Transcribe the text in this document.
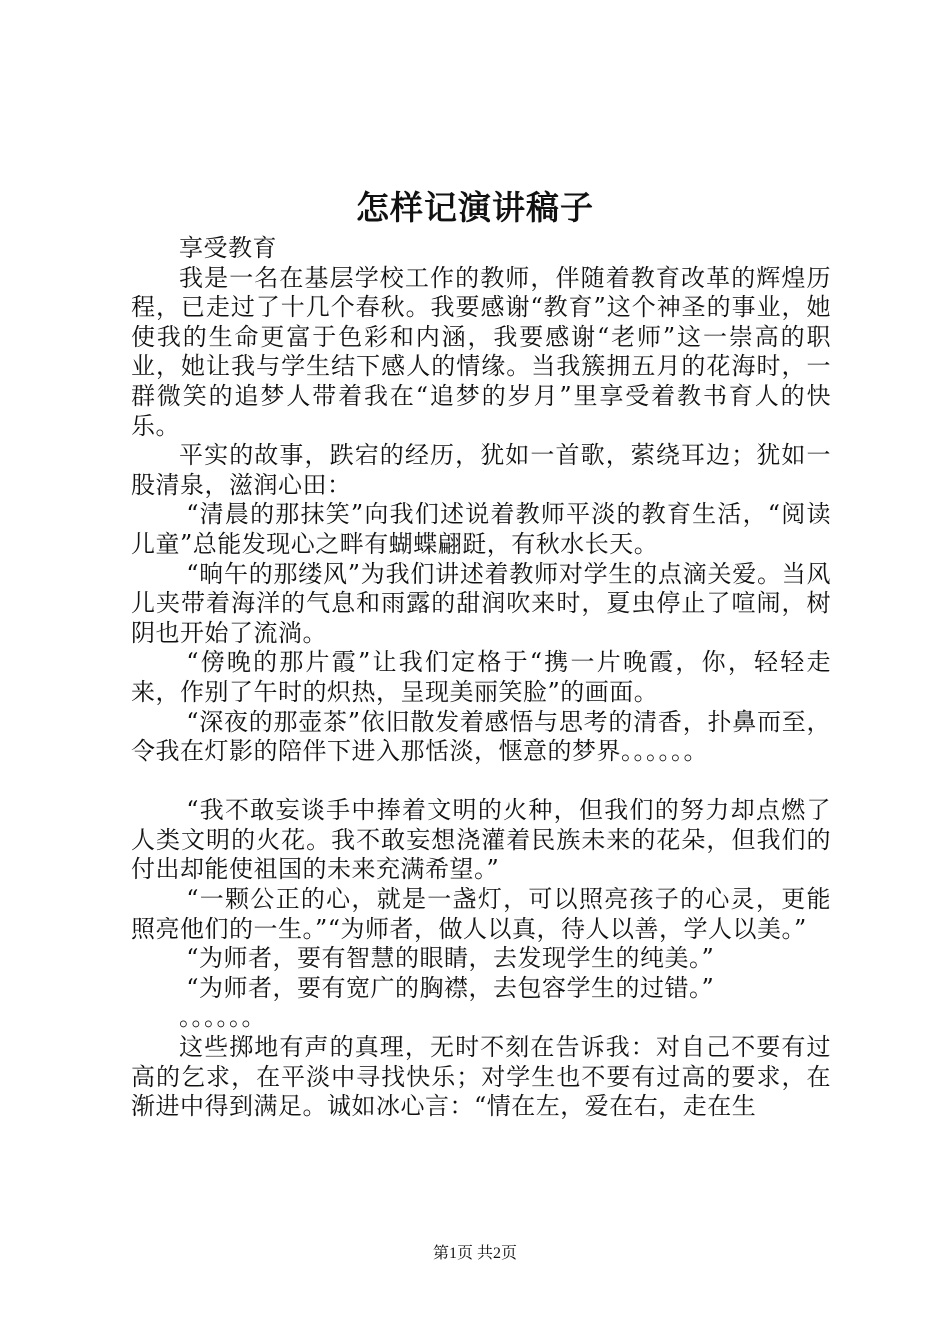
怎样记演讲稿子

享受教育

我是一名在基层学校工作的教师，伴随着教育改革的辉煌历程，已走过了十几个春秋。我要感谢“教育”这个神圣的事业，她使我的生命更富于色彩和内涵，我要感谢“老师”这一崇高的职业，她让我与学生结下感人的情缘。当我簇拥五月的花海时，一群微笑的追梦人带着我在“追梦的岁月”里享受着教书育人的快乐。

平实的故事，跌宕的经历，犹如一首歌，萦绕耳边；犹如一股清泉，滋润心田：

“清晨的那抹笑”向我们述说着教师平淡的教育生活，“阅读儿童”总能发现心之畔有蝴蝶翩跹，有秋水长天。

“晌午的那缕风”为我们讲述着教师对学生的点滴关爱。当风儿夹带着海洋的气息和雨露的甜润吹来时，夏虫停止了喧闹，树阴也开始了流淌。

“傍晚的那片霞”让我们定格于“携一片晚霞，你，轻轻走来，作别了午时的炽热，呈现美丽笑脸”的画面。

“深夜的那壶茶”依旧散发着感悟与思考的清香，扑鼻而至，令我在灯影的陪伴下进入那恬淡，惬意的梦界。。。。。。

“我不敢妄谈手中捧着文明的火种，但我们的努力却点燃了人类文明的火花。我不敢妄想浇灌着民族未来的花朵，但我们的付出却能使祖国的未来充满希望。”

“一颗公正的心，就是一盏灯，可以照亮孩子的心灵，更能照亮他们的一生。”“为师者，做人以真，待人以善，学人以美。”

“为师者，要有智慧的眼睛，去发现学生的纯美。”

“为师者，要有宽广的胸襟，去包容学生的过错。”

。。。。。。

这些掷地有声的真理，无时不刻在告诉我：对自己不要有过高的乞求，在平淡中寻找快乐；对学生也不要有过高的要求，在渐进中得到满足。诚如冰心言：“情在左，爱在右，走在生

第1页 共2页
